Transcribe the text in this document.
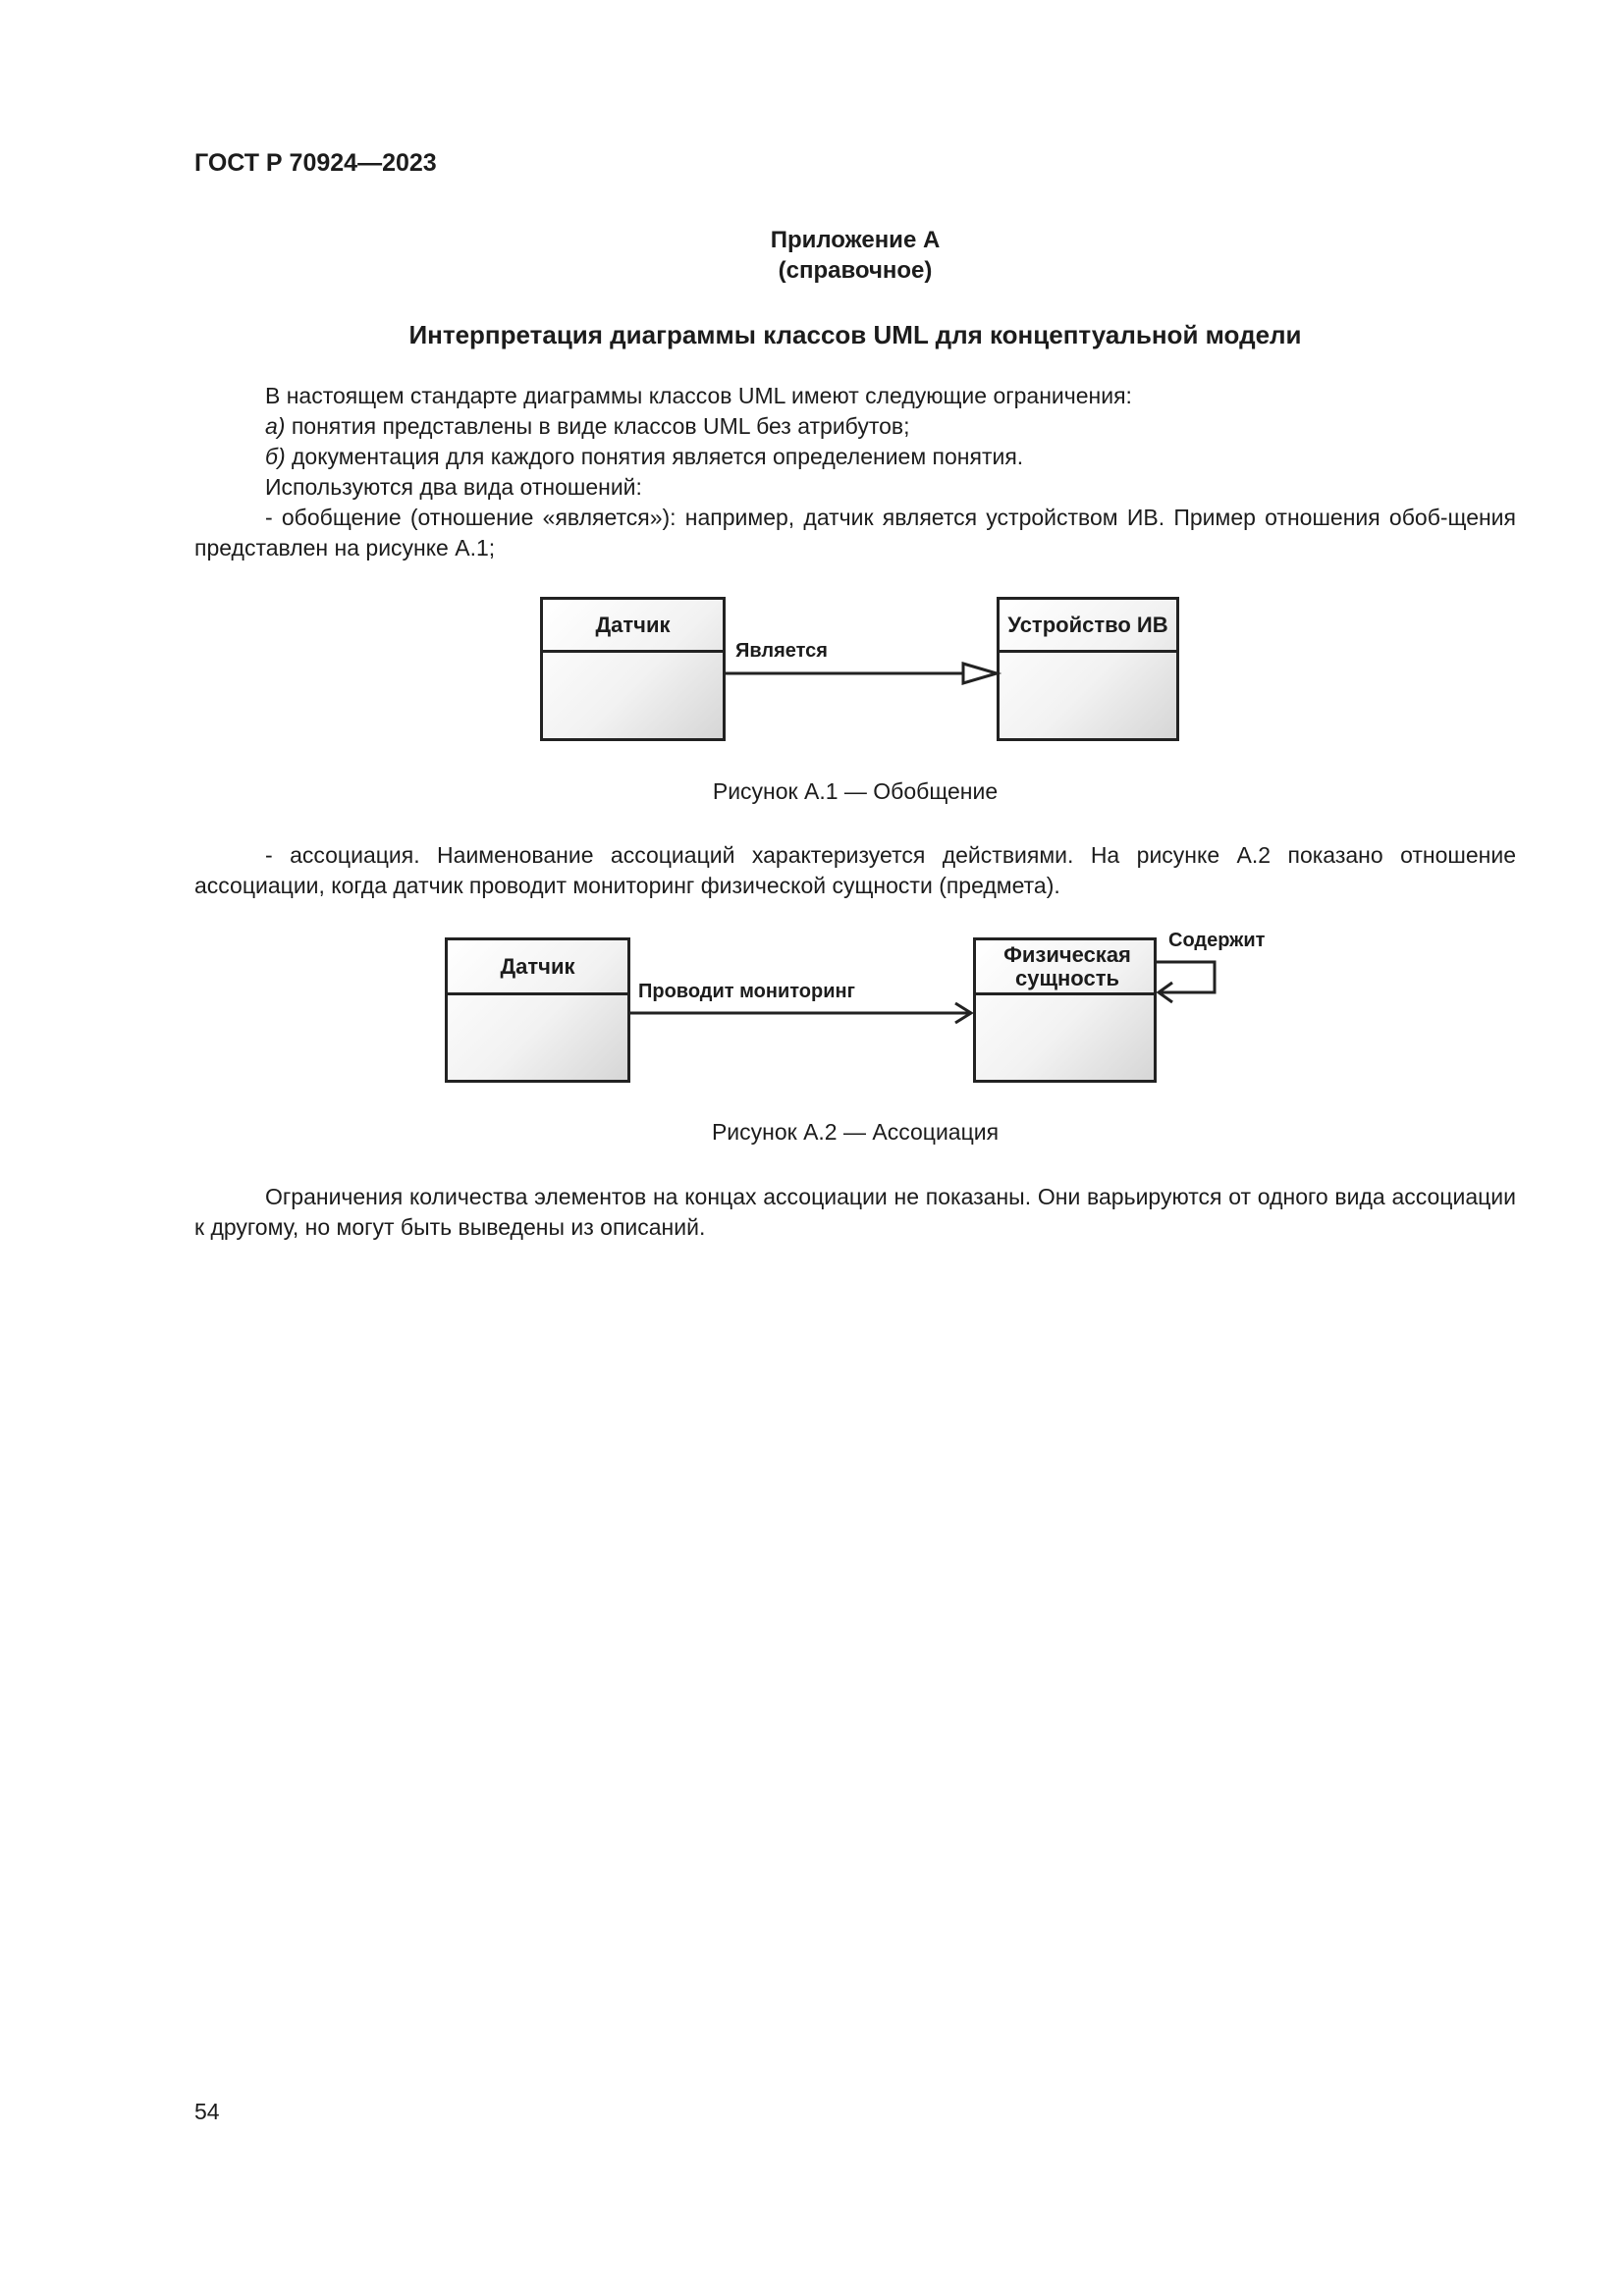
ГОСТ Р 70924—2023
Приложение А
(справочное)
Интерпретация диаграммы классов UML для концептуальной модели
В настоящем стандарте диаграммы классов UML имеют следующие ограничения:
а) понятия представлены в виде классов UML без атрибутов;
б) документация для каждого понятия является определением понятия.
Используются два вида отношений:
- обобщение (отношение «является»): например, датчик является устройством ИВ. Пример отношения обоб-щения представлен на рисунке А.1;
Датчик	Устройство ИВ
Является
Рисунок А.1 — Обобщение
- ассоциация. Наименование ассоциаций характеризуется действиями. На рисунке А.2 показано отношение ассоциации, когда датчик проводит мониторинг физической сущности (предмета).
Датчик	Физическая сущность
Проводит мониторинг
Содержит
Рисунок А.2 — Ассоциация
Ограничения количества элементов на концах ассоциации не показаны. Они варьируются от одного вида ассоциации к другому, но могут быть выведены из описаний.
54
